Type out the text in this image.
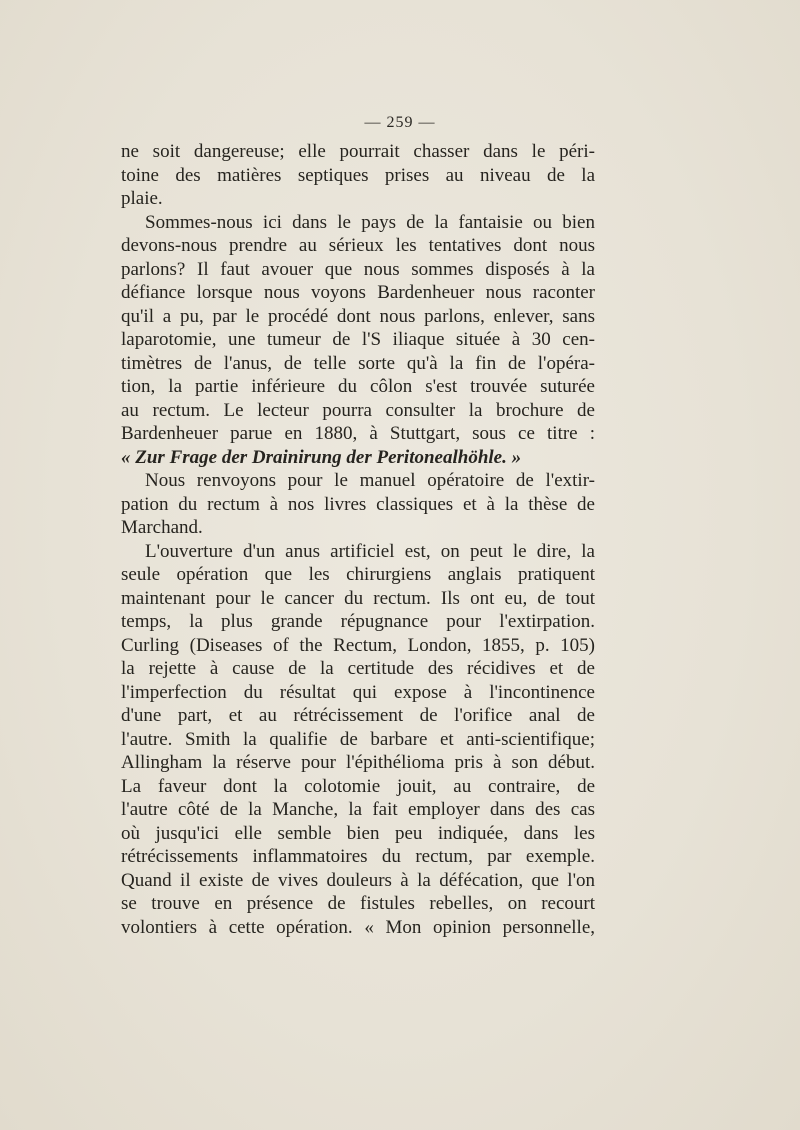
— 259 —
ne soit dangereuse; elle pourrait chasser dans le péri-
toine des matières septiques prises au niveau de la
plaie.
Sommes-nous ici dans le pays de la fantaisie ou bien
devons-nous prendre au sérieux les tentatives dont nous
parlons? Il faut avouer que nous sommes disposés à la
défiance lorsque nous voyons Bardenheuer nous raconter
qu'il a pu, par le procédé dont nous parlons, enlever, sans
laparotomie, une tumeur de l'S iliaque située à 30 cen-
timètres de l'anus, de telle sorte qu'à la fin de l'opéra-
tion, la partie inférieure du côlon s'est trouvée suturée
au rectum. Le lecteur pourra consulter la brochure de
Bardenheuer parue en 1880, à Stuttgart, sous ce titre :
« Zur Frage der Drainirung der Peritonealhöhle. »
Nous renvoyons pour le manuel opératoire de l'extir-
pation du rectum à nos livres classiques et à la thèse de
Marchand.
L'ouverture d'un anus artificiel est, on peut le dire, la
seule opération que les chirurgiens anglais pratiquent
maintenant pour le cancer du rectum. Ils ont eu, de tout
temps, la plus grande répugnance pour l'extirpation.
Curling (Diseases of the Rectum, London, 1855, p. 105)
la rejette à cause de la certitude des récidives et de
l'imperfection du résultat qui expose à l'incontinence
d'une part, et au rétrécissement de l'orifice anal de
l'autre. Smith la qualifie de barbare et anti-scientifique;
Allingham la réserve pour l'épithélioma pris à son début.
La faveur dont la colotomie jouit, au contraire, de
l'autre côté de la Manche, la fait employer dans des cas
où jusqu'ici elle semble bien peu indiquée, dans les
rétrécissements inflammatoires du rectum, par exemple.
Quand il existe de vives douleurs à la défécation, que l'on
se trouve en présence de fistules rebelles, on recourt
volontiers à cette opération. « Mon opinion personnelle,
